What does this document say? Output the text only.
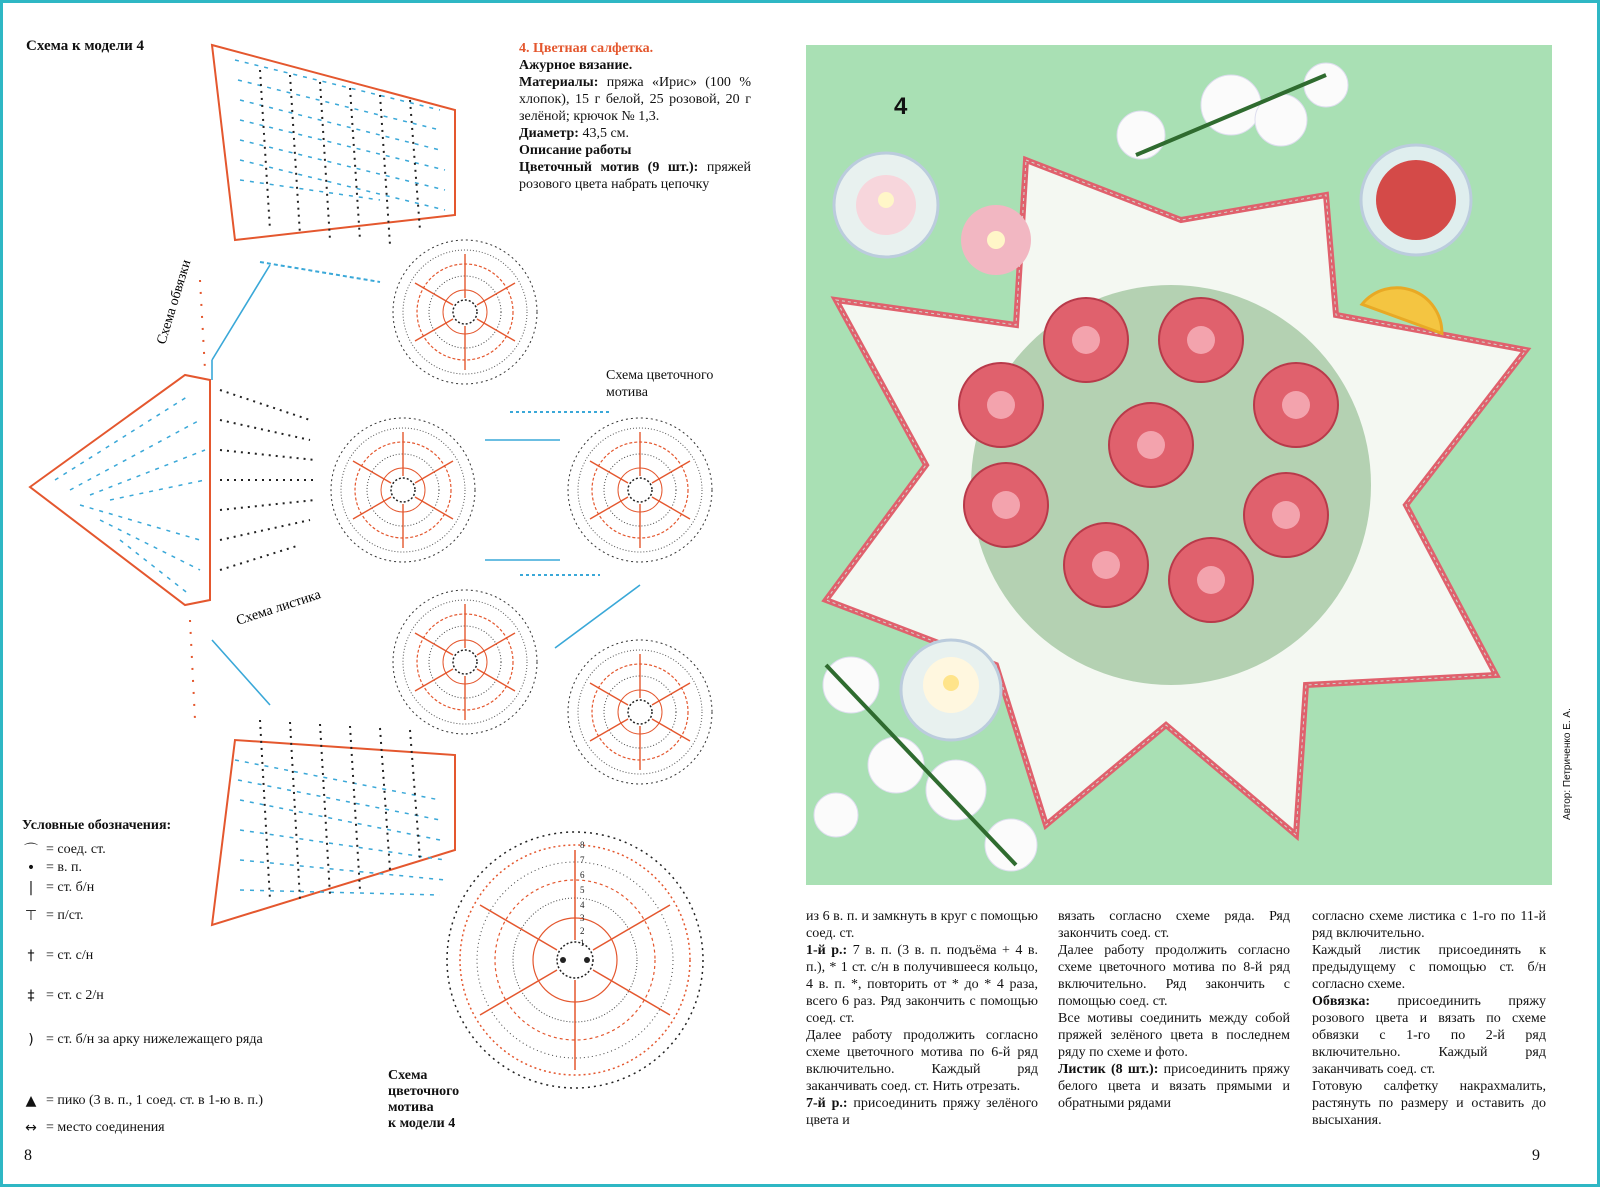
Схема к модели 4
8
7
6
5
4
3
2
1
Схема обвязки
Схема листика
Схема цветочного мотива
4. Цветная салфетка.
Ажурное вязание.
Материалы: пряжа «Ирис» (100 % хлопок), 15 г белой, 25 розовой, 20 г зелёной; крючок № 1,3.
Диаметр: 43,5 см.
Описание работы
Цветочный мотив (9 шт.): пряжей розового цвета набрать цепочку
Условные обозначения:
⌒ = соед. ст.
• = в. п.
| = ст. б/н
⊤ = п/ст.
† = ст. с/н
‡ = ст. с 2/н
) = ст. б/н за арку нижележащего ряда
▲ = пико (3 в. п., 1 соед. ст. в 1-ю в. п.)
↔ = место соединения
Схема
цветочного
мотива
к модели 4
8
4
Автор: Петриченко Е. А.
из 6 в. п. и замкнуть в круг с помощью соед. ст.
1-й р.: 7 в. п. (3 в. п. подъёма + 4 в. п.), * 1 ст. с/н в получившееся кольцо, 4 в. п. *, повторить от * до * 4 раза, всего 6 раз. Ряд закончить с помощью соед. ст.
Далее работу продолжить согласно схеме цветочного мотива по 6-й ряд включительно. Каждый ряд заканчивать соед. ст. Нить отрезать.
7-й р.: присоединить пряжу зелёного цвета и
вязать согласно схеме ряда. Ряд закончить соед. ст.
Далее работу продолжить согласно схеме цветочного мотива по 8-й ряд включительно. Ряд закончить с помощью соед. ст.
Все мотивы соединить между собой пряжей зелёного цвета в последнем ряду по схеме и фото.
Листик (8 шт.): присоединить пряжу белого цвета и вязать прямыми и обратными рядами
согласно схеме листика с 1-го по 11-й ряд включительно.
Каждый листик присоединять к предыдущему с помощью ст. б/н согласно схеме.
Обвязка: присоединить пряжу розового цвета и вязать по схеме обвязки с 1-го по 2-й ряд включительно. Каждый ряд заканчивать соед. ст.
Готовую салфетку накрахмалить, растянуть по размеру и оставить до высыхания.
9
